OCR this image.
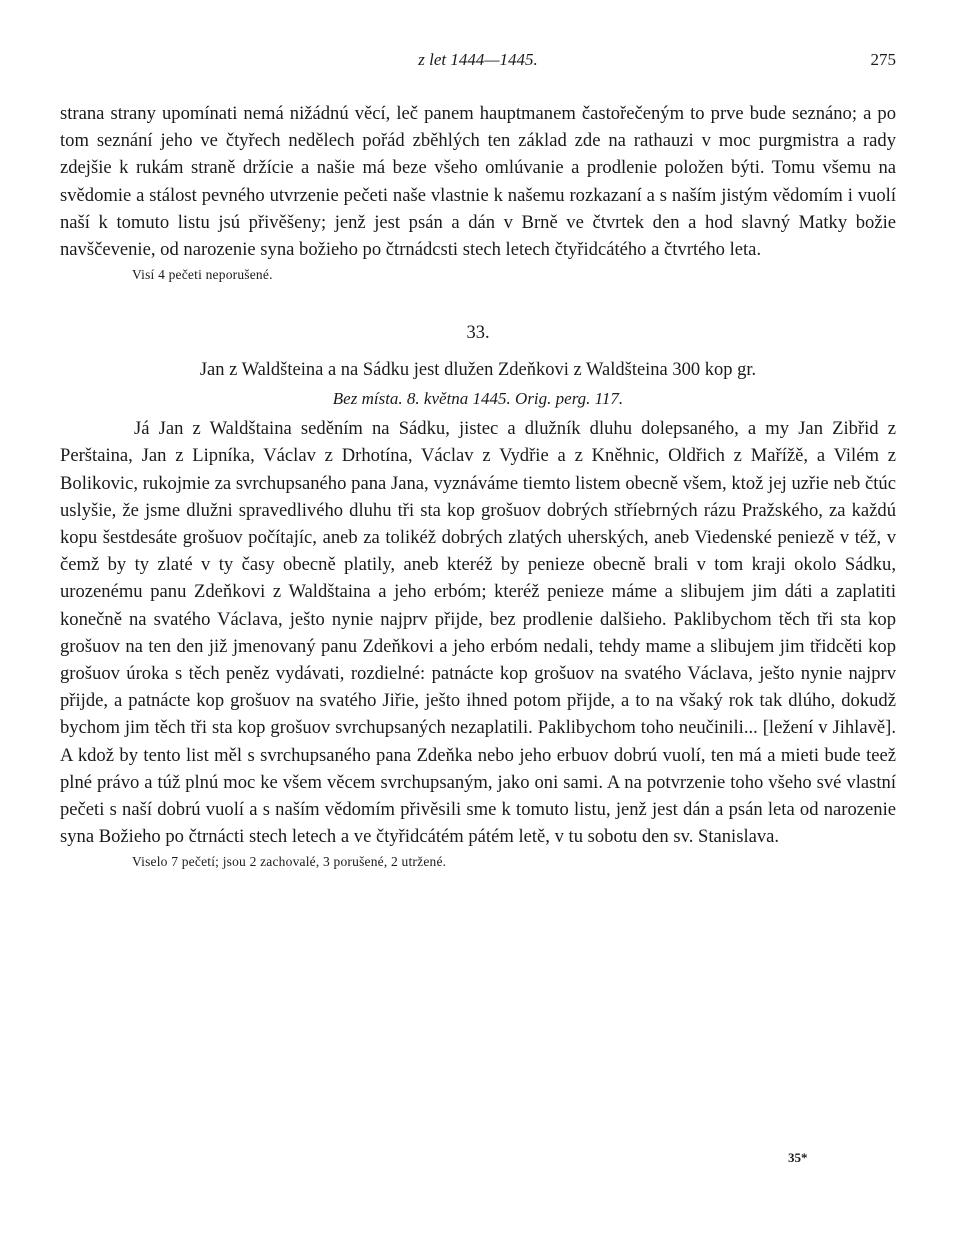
z let 1444—1445.	275

strana strany upomínati nemá nižádnú věcí, leč panem hauptmanem častořečeným to prve bude seznáno; a po tom seznání jeho ve čtyřech nedělech pořád zběhlých ten základ zde na rathauzi v moc purgmistra a rady zdejšie k rukám straně držície a našie má beze všeho omlúvanie a prodlenie položen býti. Tomu všemu na svědomie a stálost pevného utvrzenie pečeti naše vlastnie k našemu rozkazaní a s naším jistým vědomím i vuolí naší k tomuto listu jsú přivěšeny; jenž jest psán a dán v Brně ve čtvrtek den a hod slavný Matky božie navščevenie, od narozenie syna božieho po čtrnádcsti stech letech čtyřidcátého a čtvrtého leta.

Visí 4 pečeti neporušené.

33.

Jan z Waldšteina a na Sádku jest dlužen Zdeňkovi z Waldšteina 300 kop gr.

Bez místa. 8. května 1445. Orig. perg. 117.

Já Jan z Waldštaina seděním na Sádku, jistec a dlužník dluhu dolepsaného, a my Jan Zibřid z Perštaina, Jan z Lipníka, Václav z Drhotína, Václav z Vydřie a z Kněhnic, Oldřich z Mařížě, a Vilém z Bolikovic, rukojmie za svrchupsaného pana Jana, vyznáváme tiemto listem obecně všem, ktož jej uzřie neb čtúc uslyšie, že jsme dlužni spravedlivého dluhu tři sta kop grošuov dobrých stříebrných rázu Pražského, za každú kopu šestdesáte grošuov počítajíc, aneb za tolikéž dobrých zlatých uherských, aneb Viedenské peniezě v též, v čemž by ty zlaté v ty časy obecně platily, aneb kteréž by penieze obecně brali v tom kraji okolo Sádku, urozenému panu Zdeňkovi z Waldštaina a jeho erbóm; kteréž penieze máme a slibujem jim dáti a zaplatiti konečně na svatého Václava, ješto nynie najprv přijde, bez prodlenie dalšieho. Paklibychom těch tři sta kop grošuov na ten den již jmenovaný panu Zdeňkovi a jeho erbóm nedali, tehdy mame a slibujem jim třidcěti kop grošuov úroka s těch peněz vydávati, rozdielné: patnácte kop grošuov na svatého Václava, ješto nynie najprv přijde, a patnácte kop grošuov na svatého Jiřie, ješto ihned potom přijde, a to na všaký rok tak dlúho, dokudž bychom jim těch tři sta kop grošuov svrchupsaných nezaplatili. Paklibychom toho neučinili... [ležení v Jihlavě]. A kdož by tento list měl s svrchupsaného pana Zdeňka nebo jeho erbuov dobrú vuolí, ten má a mieti bude teež plné právo a túž plnú moc ke všem věcem svrchupsaným, jako oni sami. A na potvrzenie toho všeho své vlastní pečeti s naší dobrú vuolí a s naším vědomím přivěsili sme k tomuto listu, jenž jest dán a psán leta od narozenie syna Božieho po čtrnácti stech letech a ve čtyřidcátém pátém letě, v tu sobotu den sv. Stanislava.

Viselo 7 pečetí; jsou 2 zachovalé, 3 porušené, 2 utržené.

35*
